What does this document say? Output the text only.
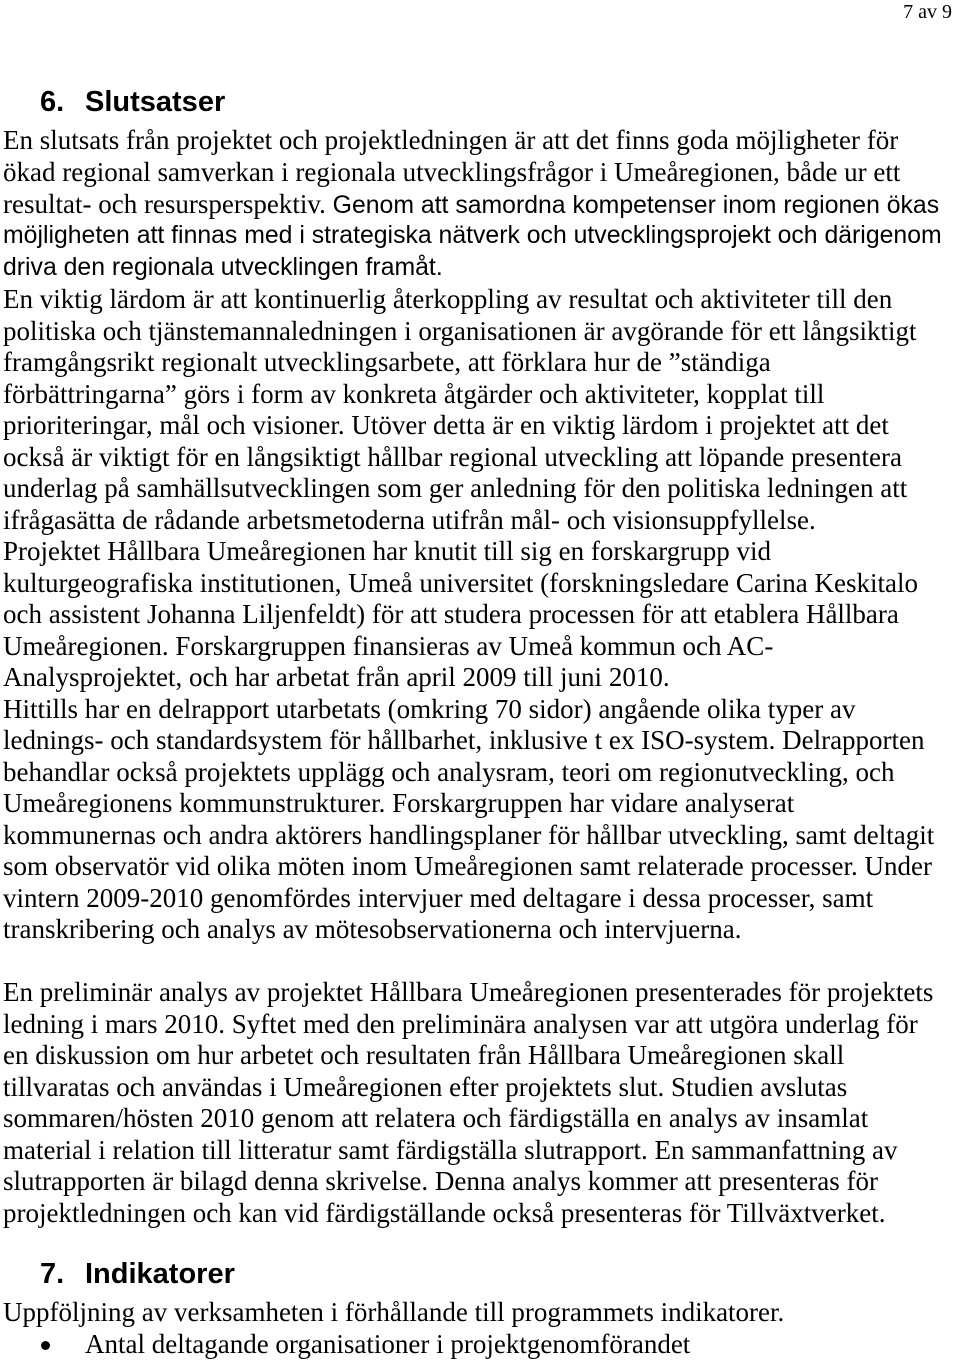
7 av 9
6. Slutsatser
En slutsats från projektet och projektledningen är att det finns goda möjligheter för
ökad regional samverkan i regionala utvecklingsfrågor i Umeåregionen, både ur ett
resultat- och resursperspektiv. Genom att samordna kompetenser inom regionen ökas
möjligheten att finnas med i strategiska nätverk och utvecklingsprojekt och därigenom
driva den regionala utvecklingen framåt.
En viktig lärdom är att kontinuerlig återkoppling av resultat och aktiviteter till den
politiska och tjänstemannaledningen i organisationen är avgörande för ett långsiktigt
framgångsrikt regionalt utvecklingsarbete, att förklara hur de ”ständiga
förbättringarna” görs i form av konkreta åtgärder och aktiviteter, kopplat till
prioriteringar, mål och visioner. Utöver detta är en viktig lärdom i projektet att det
också är viktigt för en långsiktigt hållbar regional utveckling att löpande presentera
underlag på samhällsutvecklingen som ger anledning för den politiska ledningen att
ifrågasätta de rådande arbetsmetoderna utifrån mål- och visionsuppfyllelse.
Projektet Hållbara Umeåregionen har knutit till sig en forskargrupp vid
kulturgeografiska institutionen, Umeå universitet (forskningsledare Carina Keskitalo
och assistent Johanna Liljenfeldt) för att studera processen för att etablera Hållbara
Umeåregionen. Forskargruppen finansieras av Umeå kommun och AC-
Analysprojektet, och har arbetat från april 2009 till juni 2010.
Hittills har en delrapport utarbetats (omkring 70 sidor) angående olika typer av
lednings- och standardsystem för hållbarhet, inklusive t ex ISO-system. Delrapporten
behandlar också projektets upplägg och analysram, teori om regionutveckling, och
Umeåregionens kommunstrukturer. Forskargruppen har vidare analyserat
kommunernas och andra aktörers handlingsplaner för hållbar utveckling, samt deltagit
som observatör vid olika möten inom Umeåregionen samt relaterade processer. Under
vintern 2009-2010 genomfördes intervjuer med deltagare i dessa processer, samt
transkribering och analys av mötesobservationerna och intervjuerna.
En preliminär analys av projektet Hållbara Umeåregionen presenterades för projektets
ledning i mars 2010. Syftet med den preliminära analysen var att utgöra underlag för
en diskussion om hur arbetet och resultaten från Hållbara Umeåregionen skall
tillvaratas och användas i Umeåregionen efter projektets slut. Studien avslutas
sommaren/hösten 2010 genom att relatera och färdigställa en analys av insamlat
material i relation till litteratur samt färdigställa slutrapport. En sammanfattning av
slutrapporten är bilagd denna skrivelse. Denna analys kommer att presenteras för
projektledningen och kan vid färdigställande också presenteras för Tillväxtverket.
7. Indikatorer
Uppföljning av verksamheten i förhållande till programmets indikatorer.
Antal deltagande organisationer i projektgenomförandet
